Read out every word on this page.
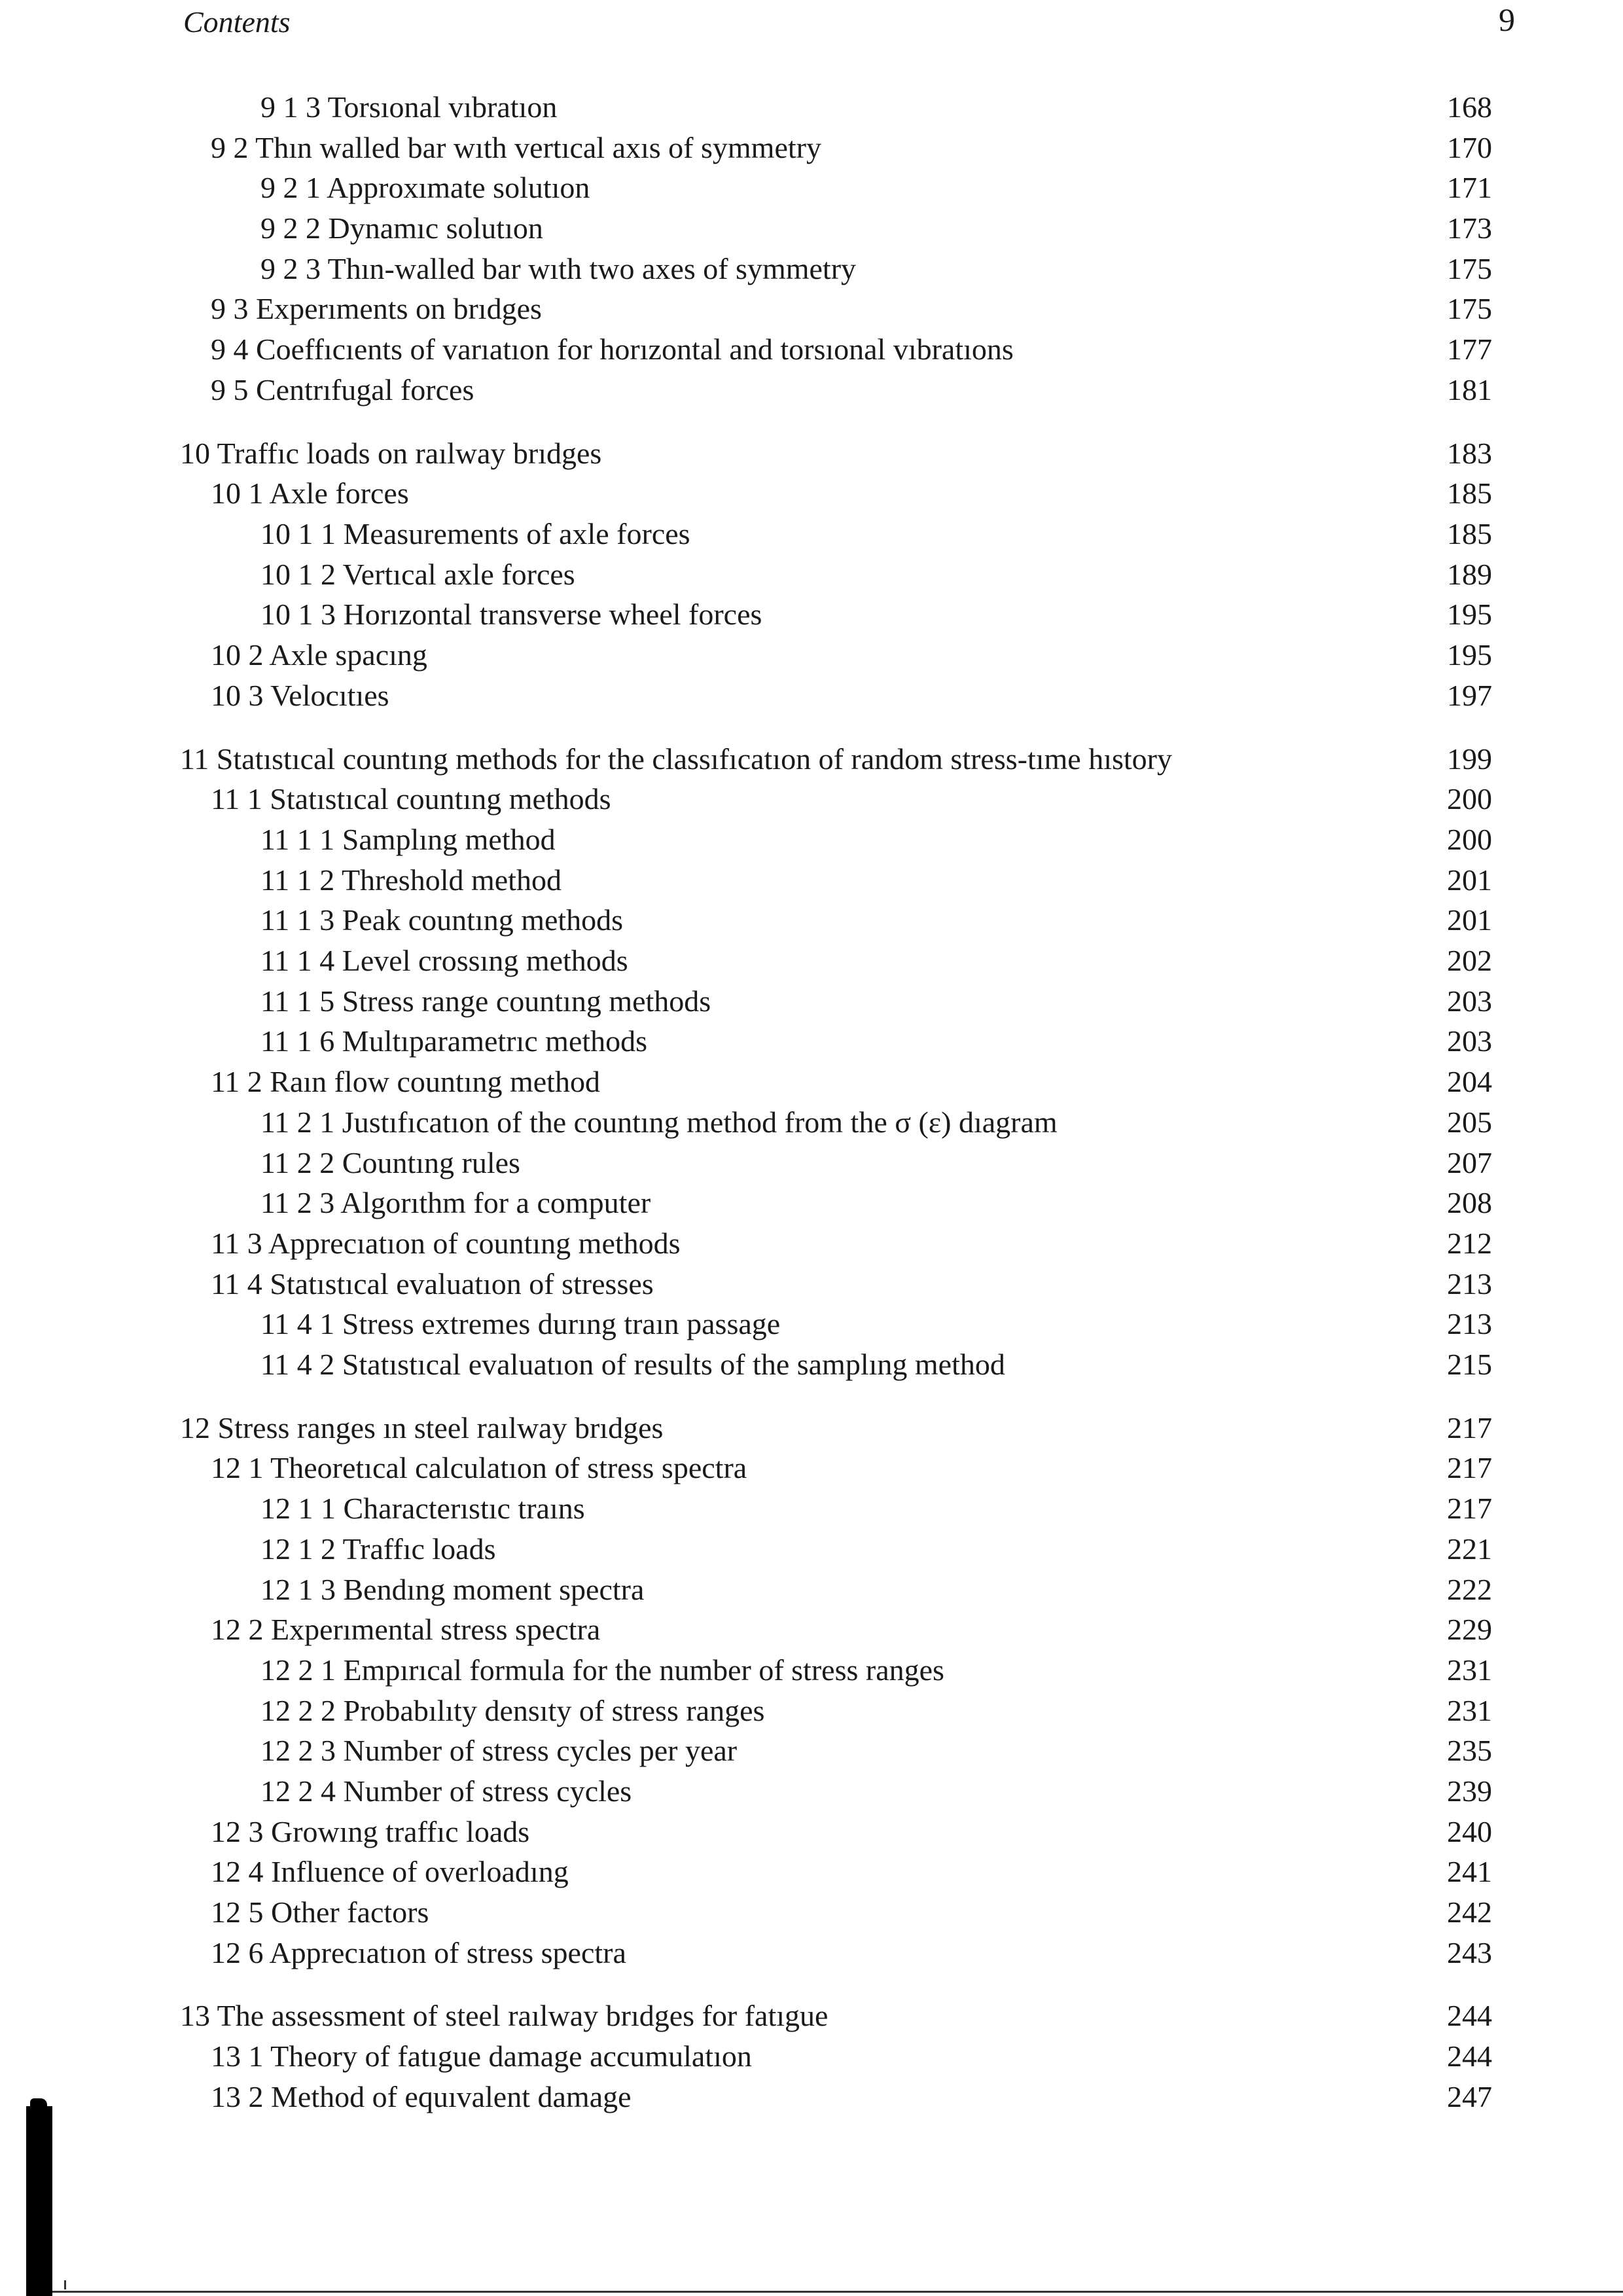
Contents	9
9 1 3 Torsıonal vıbratıon	168
9 2 Thın walled bar wıth vertıcal axıs of symmetry	170
9 2 1 Approxımate solutıon	171
9 2 2 Dynamıc solutıon	173
9 2 3 Thın-walled bar wıth two axes of symmetry	175
9 3 Experıments on brıdges	175
9 4 Coeffıcıents of varıatıon for horızontal and torsıonal vıbratıons	177
9 5 Centrıfugal forces	181
10 Traffıc loads on raılway brıdges	183
10 1 Axle forces	185
10 1 1 Measurements of axle forces	185
10 1 2 Vertıcal axle forces	189
10 1 3 Horızontal transverse wheel forces	195
10 2 Axle spacıng	195
10 3 Velocıtıes	197
11 Statıstıcal countıng methods for the classıfıcatıon of random stress-tıme hıstory	199
11 1 Statıstıcal countıng methods	200
11 1 1 Samplıng method	200
11 1 2 Threshold method	201
11 1 3 Peak countıng methods	201
11 1 4 Level crossıng methods	202
11 1 5 Stress range countıng methods	203
11 1 6 Multıparametrıc methods	203
11 2 Raın flow countıng method	204
11 2 1 Justıfıcatıon of the countıng method from the σ (ε) dıagram	205
11 2 2 Countıng rules	207
11 2 3 Algorıthm for a computer	208
11 3 Apprecıatıon of countıng methods	212
11 4 Statıstıcal evaluatıon of stresses	213
11 4 1 Stress extremes durıng traın passage	213
11 4 2 Statıstıcal evaluatıon of results of the samplıng method	215
12 Stress ranges ın steel raılway brıdges	217
12 1 Theoretıcal calculatıon of stress spectra	217
12 1 1 Characterıstıc traıns	217
12 1 2 Traffıc loads	221
12 1 3 Bendıng moment spectra	222
12 2 Experımental stress spectra	229
12 2 1 Empırıcal formula for the number of stress ranges	231
12 2 2 Probabılıty densıty of stress ranges	231
12 2 3 Number of stress cycles per year	235
12 2 4 Number of stress cycles	239
12 3 Growıng traffıc loads	240
12 4 Influence of overloadıng	241
12 5 Other factors	242
12 6 Apprecıatıon of stress spectra	243
13 The assessment of steel raılway brıdges for fatıgue	244
13 1 Theory of fatıgue damage accumulatıon	244
13 2 Method of equıvalent damage	247
